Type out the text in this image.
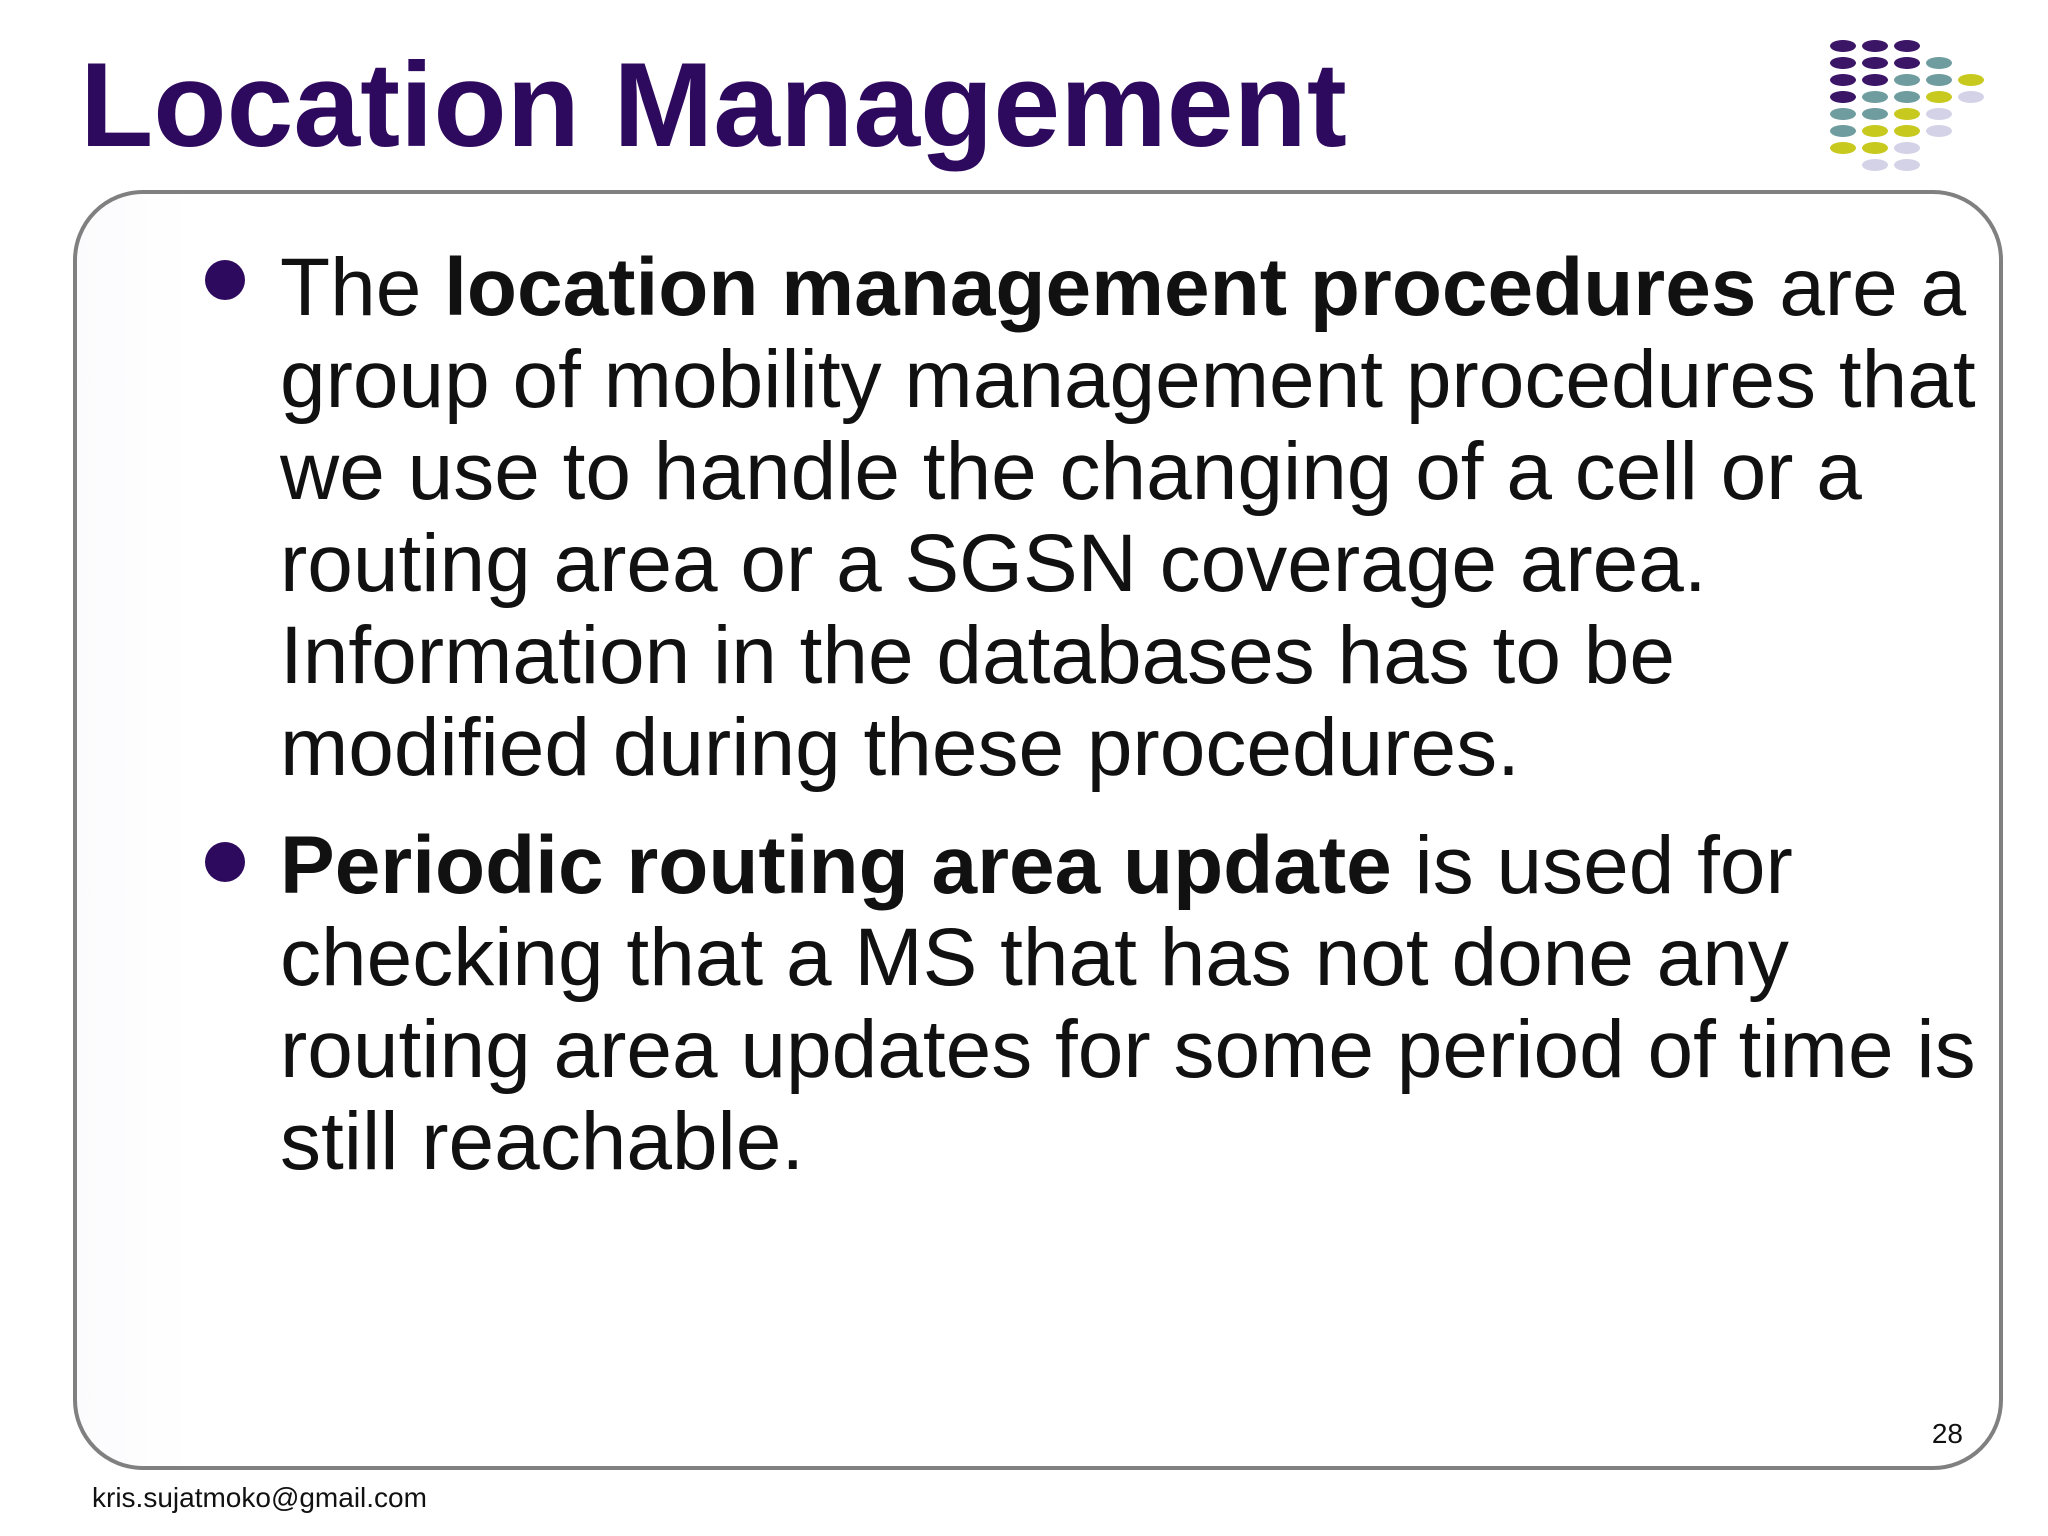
Location Management
The location management procedures are a group of mobility management procedures that we use to handle the changing of a cell or a routing area or a SGSN coverage area. Information in the databases has to be modified during these procedures.
Periodic routing area update is used for checking that a MS that has not done any routing area updates for some period of time is still reachable.
28
kris.sujatmoko@gmail.com
